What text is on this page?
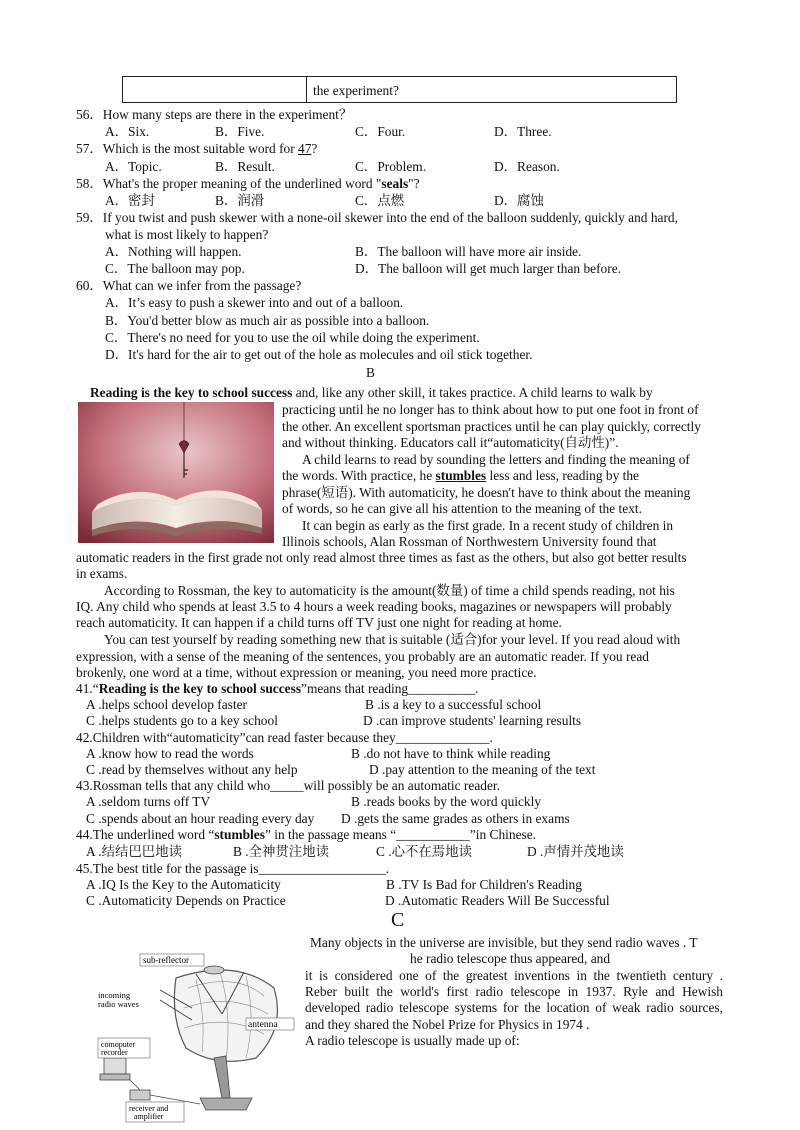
the experiment?
56．How many steps are there in the experiment？
A．Six.	B．Five.	C．Four.	D．Three.
57．Which is the most suitable word for 47?
A．Topic.	B．Result.	C．Problem.	D．Reason.
58．What's the proper meaning of the underlined word "seals"?
A．密封	B．润滑	C．点燃	D．腐蚀
59．If you twist and push skewer with a none-oil skewer into the end of the balloon suddenly, quickly and hard,
what is most likely to happen?
A．Nothing will happen.	B．The balloon will have more air inside.
C．The balloon may pop.	D．The balloon will get much larger than before.
60．What can we infer from the passage?
A．It’s easy to push a skewer into and out of a balloon.
B．You'd better blow as much air as possible into a balloon.
C．There's no need for you to use the oil while doing the experiment.
D．It's hard for the air to get out of the hole as molecules and oil stick together.
B
Reading is the key to school success and, like any other skill, it takes practice. A child learns to walk by
practicing until he no longer has to think about how to put one foot in front of
the other. An excellent sportsman practices until he can play quickly, correctly
and without thinking. Educators call it“automaticity(自动性)”.
A child learns to read by sounding the letters and finding the meaning of
the words. With practice, he stumbles less and less, reading by the
phrase(短语). With automaticity, he doesn't have to think about the meaning
of words, so he can give all his attention to the meaning of the text.
It can begin as early as the first grade. In a recent study of children in
Illinois schools, Alan Rossman of Northwestern University found that
automatic readers in the first grade not only read almost three times as fast as the others, but also got better results
in exams.
According to Rossman, the key to automaticity is the amount(数量) of time a child spends reading, not his
IQ. Any child who spends at least 3.5 to 4 hours a week reading books, magazines or newspapers will probably
reach automaticity. It can happen if a child turns off TV just one night for reading at home.
You can test yourself by reading something new that is suitable (适合)for your level. If you read aloud with
expression, with a sense of the meaning of the sentences, you probably are an automatic reader. If you read
brokenly, one word at a time, without expression or meaning, you need more practice.
41.“Reading is the key to school success”means that reading__________.
A .helps school develop faster	B .is a key to a successful school
C .helps students go to a key school	D .can improve students' learning results
42.Children with“automaticity”can read faster because they______________.
A .know how to read the words	B .do not have to think while reading
C .read by themselves without any help	D .pay attention to the meaning of the text
43.Rossman tells that any child who_____will possibly be an automatic reader.
A .seldom turns off TV	B .reads books by the word quickly
C .spends about an hour reading every day D .gets the same grades as others in exams
44.The underlined word “stumbles” in the passage means “___________”in Chinese.
A .结结巴巴地读	B .全神贯注地读	C .心不在焉地读	D .声情并茂地读
45.The best title for the passage is___________________.
A .IQ Is the Key to the Automaticity	B .TV Is Bad for Children's Reading
C .Automaticity Depends on Practice	D .Automatic Readers Will Be Successful
C
Many objects in the universe are invisible, but they send radio waves . T
he radio telescope thus appeared, and
it is considered one of the greatest inventions in the twentieth century .
Reber built the world's first radio telescope in 1937. Ryle and Hewish
developed radio telescope systems for the location of weak radio sources,
and they shared the Nobel Prize for Physics in 1974 .
A radio telescope is usually made up of:
sub-reflector
incoming
radio waves
antenna
comoputer
recorder
receiver and
amplifier
